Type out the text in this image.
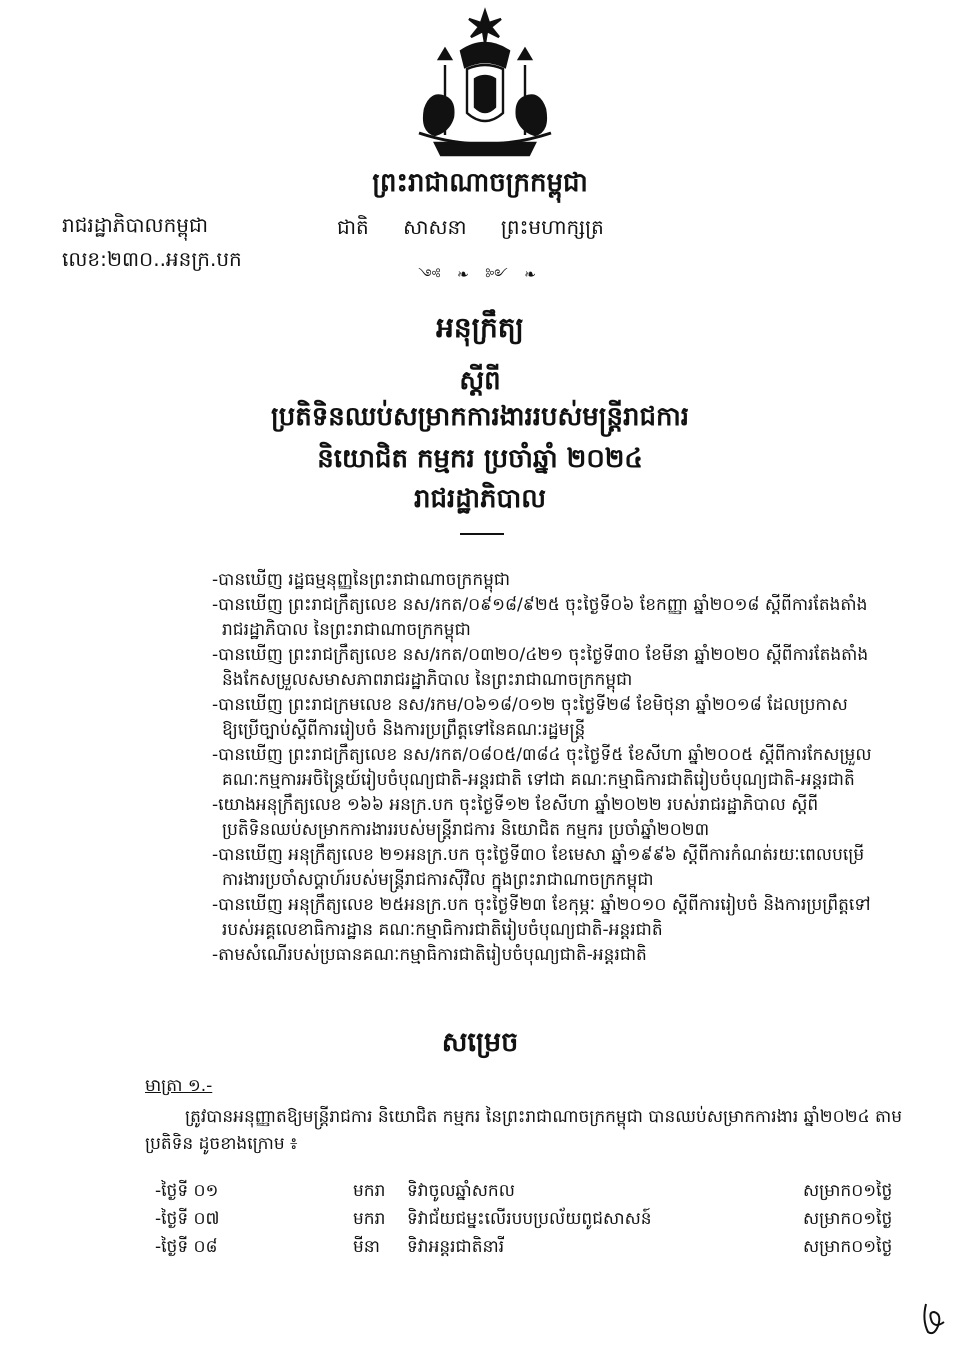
ព្រះរាជាណាចក្រកម្ពុជា
ជាតិ សាសនា ព្រះមហាក្សត្រ
༺ ❧ ༻ ❧
រាជរដ្ឋាភិបាលកម្ពុជា
លេខ:២៣០..អនក្រ.បក
អនុក្រឹត្យ
ស្តីពី
ប្រតិទិនឈប់សម្រាកការងាររបស់មន្ត្រីរាជការ
និយោជិត កម្មករ ប្រចាំឆ្នាំ ២០២៤
រាជរដ្ឋាភិបាល
-បានឃើញ រដ្ឋធម្មនុញ្ញនៃព្រះរាជាណាចក្រកម្ពុជា
-បានឃើញ ព្រះរាជក្រឹត្យលេខ នស/រកត/០៩១៨/៩២៥ ចុះថ្ងៃទី០៦ ខែកញ្ញា ឆ្នាំ២០១៨ ស្តីពីការតែងតាំង
រាជរដ្ឋាភិបាល នៃព្រះរាជាណាចក្រកម្ពុជា
-បានឃើញ ព្រះរាជក្រឹត្យលេខ នស/រកត/០៣២០/៤២១ ចុះថ្ងៃទី៣០ ខែមីនា ឆ្នាំ២០២០ ស្តីពីការតែងតាំង
និងកែសម្រួលសមាសភាពរាជរដ្ឋាភិបាល នៃព្រះរាជាណាចក្រកម្ពុជា
-បានឃើញ ព្រះរាជក្រមលេខ នស/រកម/០៦១៨/០១២ ចុះថ្ងៃទី២៨ ខែមិថុនា ឆ្នាំ២០១៨ ដែលប្រកាស
ឱ្យប្រើច្បាប់ស្តីពីការរៀបចំ និងការប្រព្រឹត្តទៅនៃគណៈរដ្ឋមន្ត្រី
-បានឃើញ ព្រះរាជក្រឹត្យលេខ នស/រកត/០៨០៥/៣៨៤ ចុះថ្ងៃទី៥ ខែសីហា ឆ្នាំ២០០៥ ស្តីពីការកែសម្រួល
គណៈកម្មការអចិន្ត្រៃយ៍រៀបចំបុណ្យជាតិ-អន្តរជាតិ ទៅជា គណៈកម្មាធិការជាតិរៀបចំបុណ្យជាតិ-អន្តរជាតិ
-យោងអនុក្រឹត្យលេខ ១៦៦ អនក្រ.បក ចុះថ្ងៃទី១២ ខែសីហា ឆ្នាំ២០២២ របស់រាជរដ្ឋាភិបាល ស្តីពី
ប្រតិទិនឈប់សម្រាកការងាររបស់មន្ត្រីរាជការ និយោជិត កម្មករ ប្រចាំឆ្នាំ២០២៣
-បានឃើញ អនុក្រឹត្យលេខ ២១អនក្រ.បក ចុះថ្ងៃទី៣០ ខែមេសា ឆ្នាំ១៩៩៦ ស្តីពីការកំណត់រយៈពេលបម្រើ
ការងារប្រចាំសប្តាហ៍របស់មន្ត្រីរាជការស៊ីវិល ក្នុងព្រះរាជាណាចក្រកម្ពុជា
-បានឃើញ អនុក្រឹត្យលេខ ២៥អនក្រ.បក ចុះថ្ងៃទី២៣ ខែកុម្ភៈ ឆ្នាំ២០១០ ស្តីពីការរៀបចំ និងការប្រព្រឹត្តទៅ
របស់អគ្គលេខាធិការដ្ឋាន គណៈកម្មាធិការជាតិរៀបចំបុណ្យជាតិ-អន្តរជាតិ
-តាមសំណើរបស់ប្រធានគណៈកម្មាធិការជាតិរៀបចំបុណ្យជាតិ-អន្តរជាតិ
សម្រេច
មាត្រា ១.-
ត្រូវបានអនុញ្ញាតឱ្យមន្ត្រីរាជការ និយោជិត កម្មករ នៃព្រះរាជាណាចក្រកម្ពុជា បានឈប់សម្រាកការងារ ឆ្នាំ២០២៤ តាមប្រតិទិន ដូចខាងក្រោម ៖
-ថ្ងៃទី ០១	មករា ទិវាចូលឆ្នាំសកល	សម្រាក០១ថ្ងៃ
-ថ្ងៃទី ០៧	មករា ទិវាជ័យជម្នះលើរបបប្រល័យពូជសាសន៍	សម្រាក០១ថ្ងៃ
-ថ្ងៃទី ០៨	មីនា ទិវាអន្តរជាតិនារី	សម្រាក០១ថ្ងៃ
